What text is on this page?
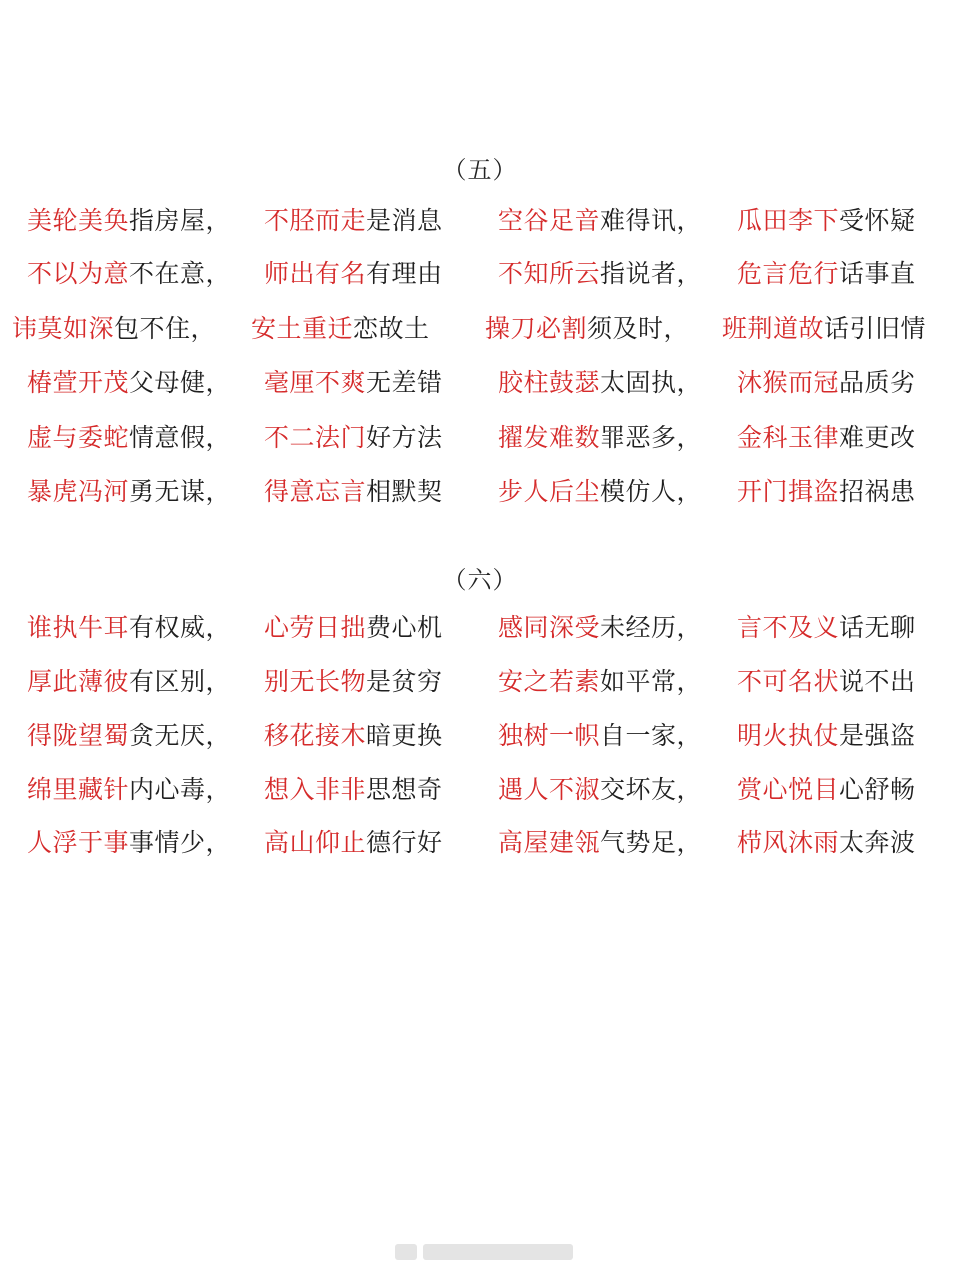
（五）
美轮美奂指房屋， 不胫而走是消息 空谷足音难得讯， 瓜田李下受怀疑
不以为意不在意， 师出有名有理由 不知所云指说者， 危言危行话事直
讳莫如深包不住， 安土重迁恋故土 操刀必割须及时， 班荆道故话引旧情
椿萱开茂父母健， 毫厘不爽无差错 胶柱鼓瑟太固执， 沐猴而冠品质劣
虚与委蛇情意假， 不二法门好方法 擢发难数罪恶多， 金科玉律难更改
暴虎冯河勇无谋， 得意忘言相默契 步人后尘模仿人， 开门揖盗招祸患
（六）
谁执牛耳有权威， 心劳日拙费心机 感同深受未经历， 言不及义话无聊
厚此薄彼有区别， 别无长物是贫穷 安之若素如平常， 不可名状说不出
得陇望蜀贪无厌， 移花接木暗更换 独树一帜自一家， 明火执仗是强盗
绵里藏针内心毒， 想入非非思想奇 遇人不淑交坏友， 赏心悦目心舒畅
人浮于事事情少， 高山仰止德行好 高屋建瓴气势足， 栉风沐雨太奔波
